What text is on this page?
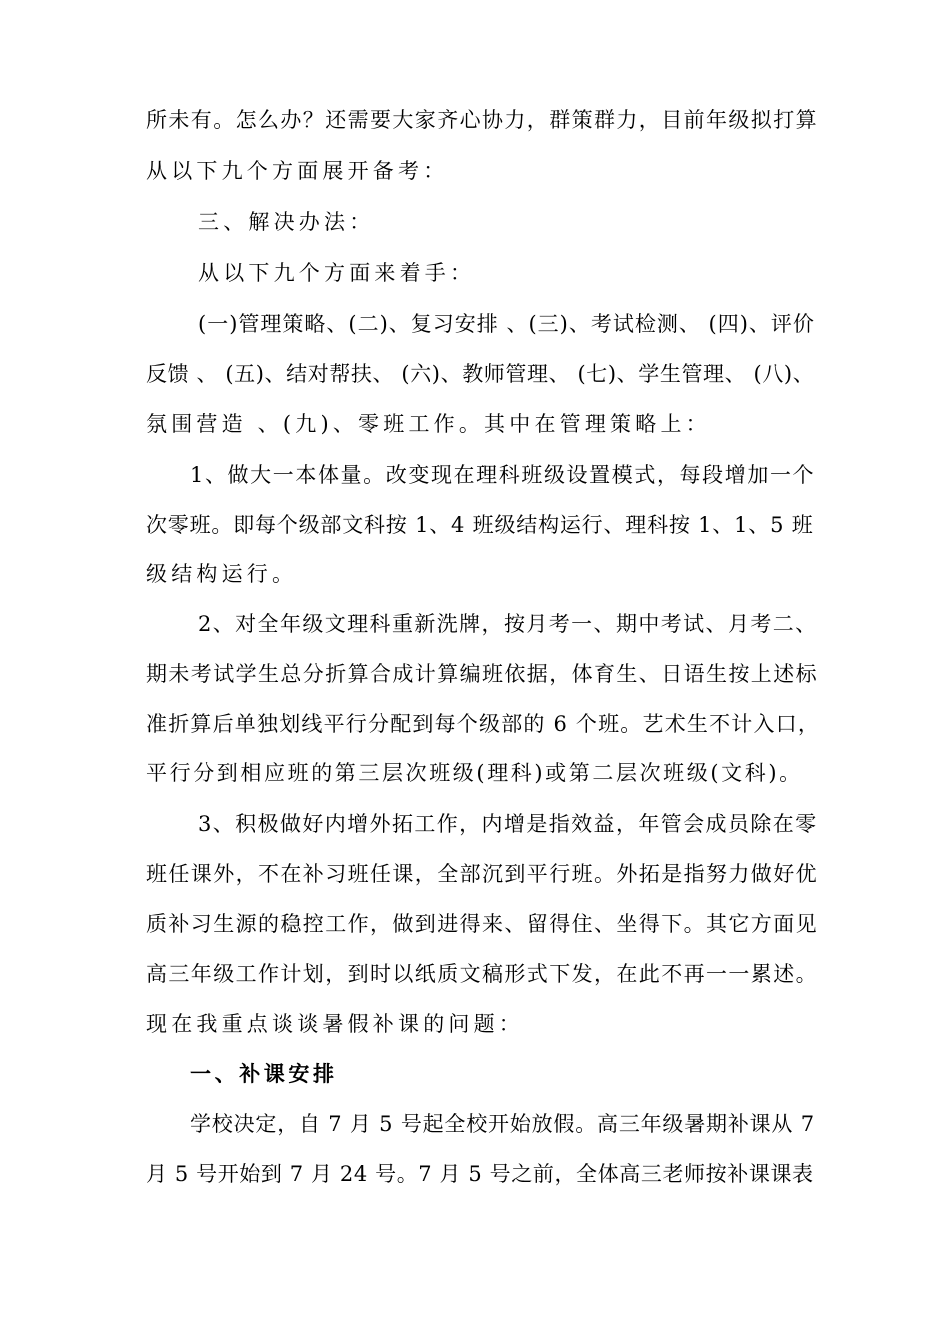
所未有。怎么办？还需要大家齐心协力，群策群力，目前年级拟打算
从以下九个方面展开备考：
三、解决办法：
从以下九个方面来着手：
(一)管理策略、(二)、复习安排 、(三)、考试检测、 (四)、评价
反馈 、 (五)、结对帮扶、 (六)、教师管理、 (七)、学生管理、 (八)、
氛围营造 、(九)、零班工作。其中在管理策略上：
1、做大一本体量。改变现在理科班级设置模式，每段增加一个
次零班。即每个级部文科按 1、4 班级结构运行、理科按 1、1、5 班
级结构运行。
2、对全年级文理科重新洗牌，按月考一、期中考试、月考二、
期未考试学生总分折算合成计算编班依据，体育生、日语生按上述标
准折算后单独划线平行分配到每个级部的 6 个班。艺术生不计入口，
平行分到相应班的第三层次班级(理科)或第二层次班级(文科)。
3、积极做好内增外拓工作，内增是指效益，年管会成员除在零
班任课外，不在补习班任课，全部沉到平行班。外拓是指努力做好优
质补习生源的稳控工作，做到进得来、留得住、坐得下。其它方面见
高三年级工作计划，到时以纸质文稿形式下发，在此不再一一累述。
现在我重点谈谈暑假补课的问题：
一、补课安排
学校决定，自 7 月 5 号起全校开始放假。高三年级暑期补课从 7
月 5 号开始到 7 月 24 号。7 月 5 号之前，全体高三老师按补课课表
